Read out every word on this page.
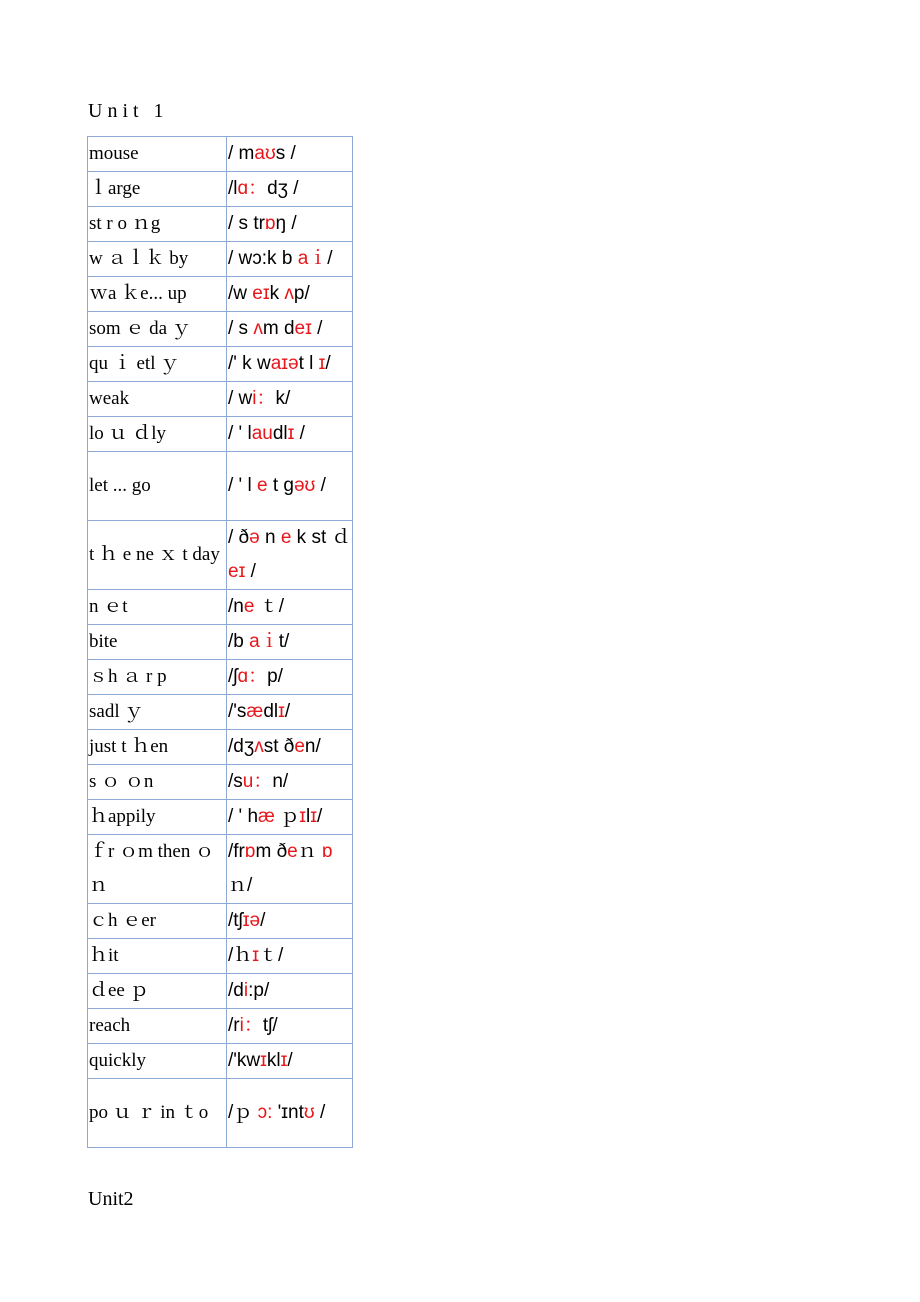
Unit 1
mouse	/ maʊs /
ｌarge	/lɑ：dʒ /
st r o ｎg	/ s trɒŋ /
w ａｌｋ by	/ wɔ:k b aｉ/
ｗa ｋe... up	/w eɪk ʌp/
som ｅ da ｙ	/ s ʌm deɪ /
qu ｉ etl ｙ	/' k waɪət l ɪ/
weak	/ wi：k/
lo ｕ ｄly	/ ' laudlɪ /
let ... go	/ ' l e t gəʊ /
t ｈ e ne ｘ t day	/ ðə n e k st ｄeɪ /
n ｅt	/ne ｔ/
bite	/b aｉt/
ｓh ａ r p	/ʃɑ：p/
sadl ｙ	/'sædlɪ/
just t ｈen	/dʒʌst ðen/
s ｏ ｏn	/su：n/
ｈappily	/ ' hæ ｐɪlɪ/
ｆr ｏm then ｏ ｎ	/frɒm ðeｎ ɒ ｎ/
ｃh ｅer	/tʃɪə/
ｈit	/ｈɪｔ/
ｄee ｐ	/di:p/
reach	/ri：tʃ/
quickly	/'kwɪklɪ/
po ｕ ｒ in ｔo	/ｐ ɔ: 'ɪntʊ /
Unit2
